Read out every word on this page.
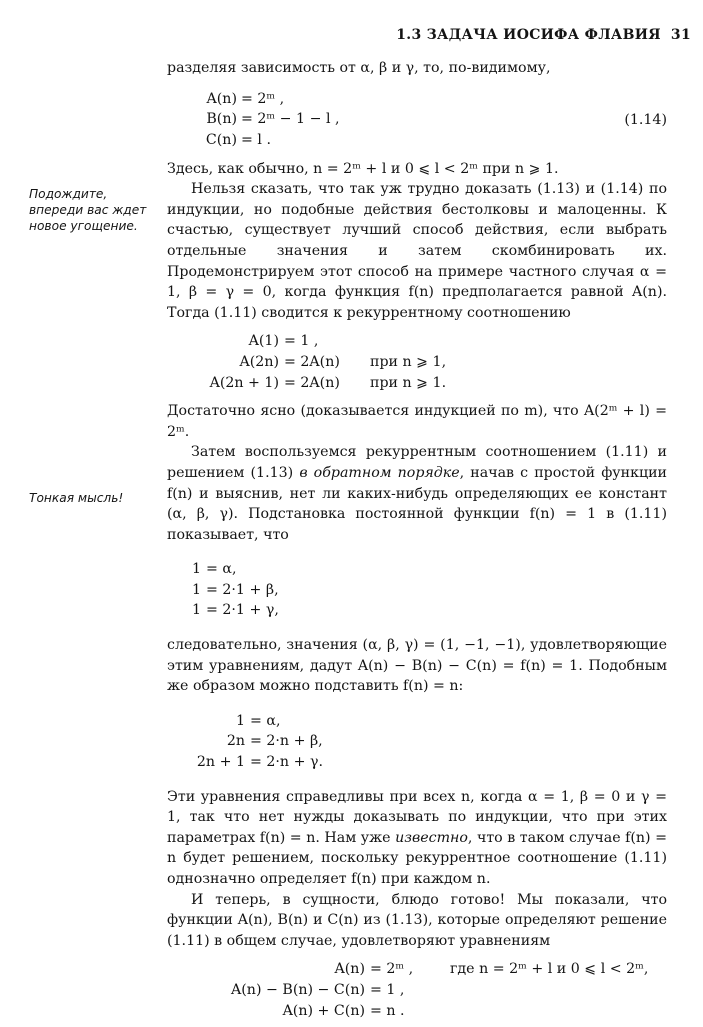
1.3 ЗАДАЧА ИОСИФА ФЛАВИЯ 31
Подождите, впереди вас ждет новое угощение.
Тонкая мысль!

разделяя зависимость от α, β и γ, то, по-видимому,

A(n) = 2ᵐ ,
B(n) = 2ᵐ − 1 − l ,
C(n) = l .
(1.14)

Здесь, как обычно, n = 2ᵐ + l и 0 ⩽ l < 2ᵐ при n ⩾ 1.

Нельзя сказать, что так уж трудно доказать (1.13) и (1.14) по индукции, но подобные действия бестолковы и малоценны. К счастью, существует лучший способ действия, если выбрать отдельные значения и затем скомбинировать их. Продемонстрируем этот способ на примере частного случая α = 1, β = γ = 0, когда функция f(n) предполагается равной A(n). Тогда (1.11) сводится к рекуррентному соотношению

A(1) = 1 ,
A(2n) = 2A(n)	при n ⩾ 1,
A(2n + 1) = 2A(n)	при n ⩾ 1.

Достаточно ясно (доказывается индукцией по m), что A(2ᵐ + l) = 2ᵐ.

Затем воспользуемся рекуррентным соотношением (1.11) и решением (1.13) в обратном порядке, начав с простой функции f(n) и выяснив, нет ли каких-нибудь определяющих ее констант (α, β, γ). Подстановка постоянной функции f(n) = 1 в (1.11) показывает, что

1 = α,
1 = 2·1 + β,
1 = 2·1 + γ,

следовательно, значения (α, β, γ) = (1, −1, −1), удовлетворяющие этим уравнениям, дадут A(n) − B(n) − C(n) = f(n) = 1. Подобным же образом можно подставить f(n) = n:

1 = α,
2n = 2·n + β,
2n + 1 = 2·n + γ.

Эти уравнения справедливы при всех n, когда α = 1, β = 0 и γ = 1, так что нет нужды доказывать по индукции, что при этих параметрах f(n) = n. Нам уже известно, что в таком случае f(n) = n будет решением, поскольку рекуррентное соотношение (1.11) однозначно определяет f(n) при каждом n.

И теперь, в сущности, блюдо готово! Мы показали, что функции A(n), B(n) и C(n) из (1.13), которые определяют решение (1.11) в общем случае, удовлетворяют уравнениям

A(n) = 2ᵐ ,	где n = 2ᵐ + l и 0 ⩽ l < 2ᵐ,
A(n) − B(n) − C(n) = 1 ,
A(n) + C(n) = n .
